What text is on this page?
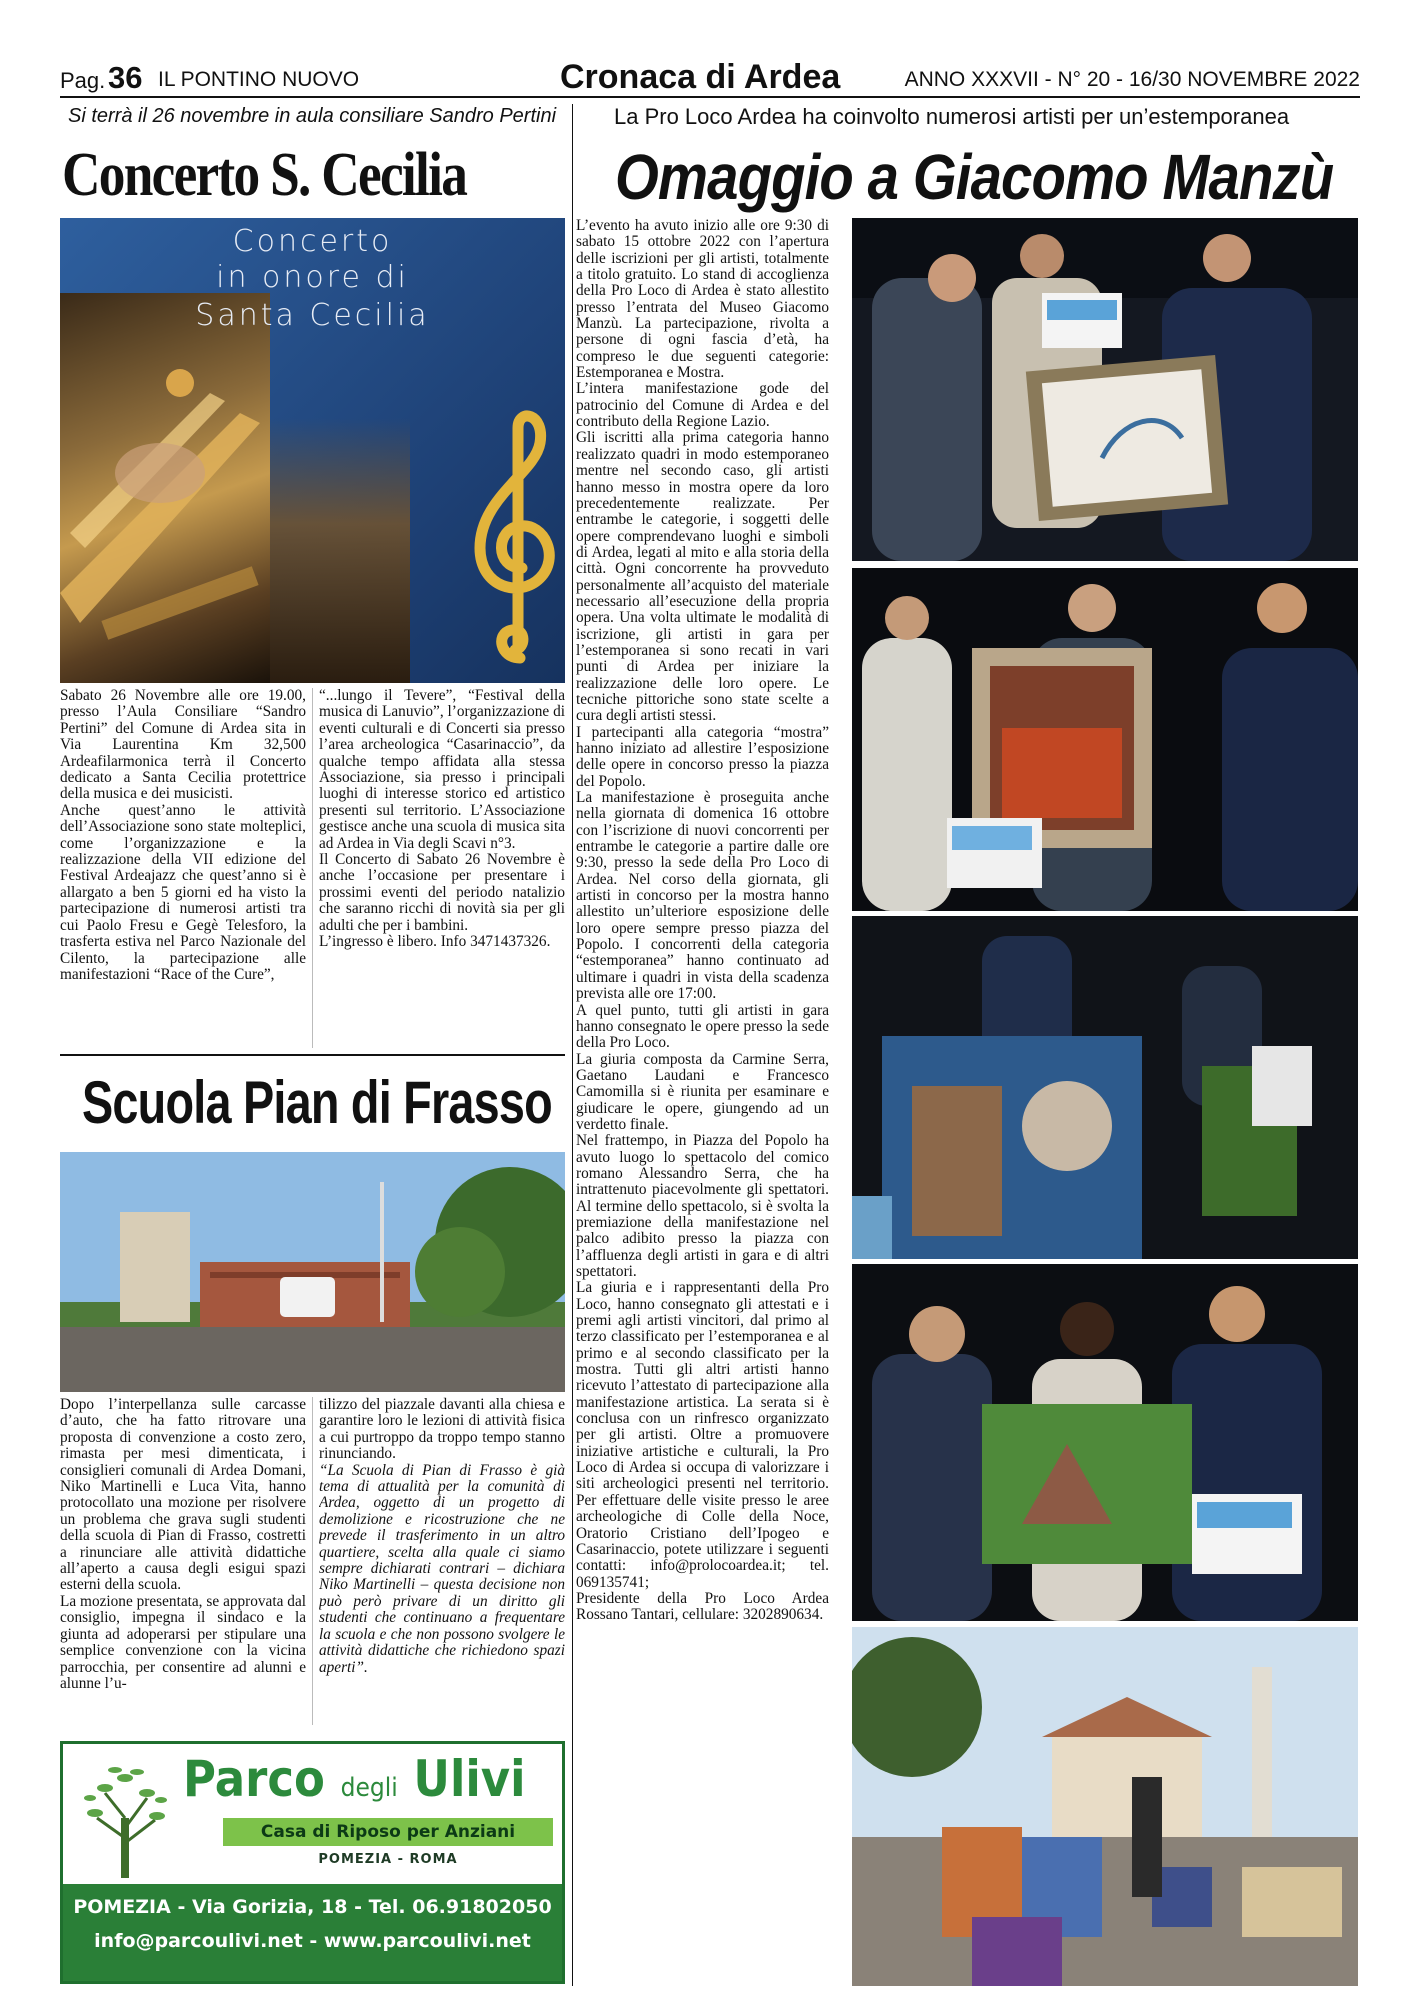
Pag. 36 IL PONTINO NUOVO	Cronaca di Ardea	ANNO XXXVII - N° 20 - 16/30 NOVEMBRE 2022
Si terrà il 26 novembre in aula consiliare Sandro Pertini
Concerto S. Cecilia
Concerto
in onore di
Santa Cecilia

Sabato 26 Novembre alle ore 19.00, presso l’Aula Consiliare “Sandro Pertini” del Comune di Ardea sita in Via Laurentina Km 32,500 Ardeafilarmonica terrà il Concerto dedicato a Santa Cecilia protettrice della musica e dei musicisti.

Anche quest’anno le attività dell’Associazione sono state molteplici, come l’organizzazione e la realizzazione della VII edizione del Festival Ardeajazz che quest’anno si è allargato a ben 5 giorni ed ha visto la partecipazione di numerosi artisti tra cui Paolo Fresu e Gegè Telesforo, la trasferta estiva nel Parco Nazionale del Cilento, la partecipazione alle manifestazioni “Race of the Cure”,

“...lungo il Tevere”, “Festival della musica di Lanuvio”, l’organizzazione di eventi culturali e di Concerti sia presso l’area archeologica “Casarinaccio”, da qualche tempo affidata alla stessa Associazione, sia presso i principali luoghi di interesse storico ed artistico presenti sul territorio. L’Associazione gestisce anche una scuola di musica sita ad Ardea in Via degli Scavi n°3.

Il Concerto di Sabato 26 Novembre è anche l’occasione per presentare i prossimi eventi del periodo natalizio che saranno ricchi di novità sia per gli adulti che per i bambini.

L’ingresso è libero. Info 3471437326.

Scuola Pian di Frasso

Dopo l’interpellanza sulle carcasse d’auto, che ha fatto ritrovare una proposta di convenzione a costo zero, rimasta per mesi dimenticata, i consiglieri comunali di Ardea Domani, Niko Martinelli e Luca Vita, hanno protocollato una mozione per risolvere un problema che grava sugli studenti della scuola di Pian di Frasso, costretti a rinunciare alle attività didattiche all’aperto a causa degli esigui spazi esterni della scuola.

La mozione presentata, se approvata dal consiglio, impegna il sindaco e la giunta ad adoperarsi per stipulare una semplice convenzione con la vicina parrocchia, per consentire ad alunni e alunne l’u-

tilizzo del piazzale davanti alla chiesa e garantire loro le lezioni di attività fisica a cui purtroppo da troppo tempo stanno rinunciando.

“La Scuola di Pian di Frasso è già tema di attualità per la comunità di Ardea, oggetto di un progetto di demolizione e ricostruzione che ne prevede il trasferimento in un altro quartiere, scelta alla quale ci siamo sempre dichiarati contrari – dichiara Niko Martinelli – questa decisione non può però privare di un diritto gli studenti che continuano a frequentare la scuola e che non possono svolgere le attività didattiche che richiedono spazi aperti”.

Parco degli Ulivi
Casa di Riposo per Anziani
POMEZIA - ROMA
POMEZIA - Via Gorizia, 18 - Tel. 06.91802050
info@parcoulivi.net - www.parcoulivi.net
La Pro Loco Ardea ha coinvolto numerosi artisti per un’estemporanea
Omaggio a Giacomo Manzù

L’evento ha avuto inizio alle ore 9:30 di sabato 15 ottobre 2022 con l’apertura delle iscrizioni per gli artisti, totalmente a titolo gratuito. Lo stand di accoglienza della Pro Loco di Ardea è stato allestito presso l’entrata del Museo Giacomo Manzù. La partecipazione, rivolta a persone di ogni fascia d’età, ha compreso le due seguenti categorie: Estemporanea e Mostra.

L’intera manifestazione gode del patrocinio del Comune di Ardea e del contributo della Regione Lazio.

Gli iscritti alla prima categoria hanno realizzato quadri in modo estemporaneo mentre nel secondo caso, gli artisti hanno messo in mostra opere da loro precedentemente realizzate. Per entrambe le categorie, i soggetti delle opere comprendevano luoghi e simboli di Ardea, legati al mito e alla storia della città. Ogni concorrente ha provveduto personalmente all’acquisto del materiale necessario all’esecuzione della propria opera. Una volta ultimate le modalità di iscrizione, gli artisti in gara per l’estemporanea si sono recati in vari punti di Ardea per iniziare la realizzazione delle loro opere. Le tecniche pittoriche sono state scelte a cura degli artisti stessi.

I partecipanti alla categoria “mostra” hanno iniziato ad allestire l’esposizione delle opere in concorso presso la piazza del Popolo.

La manifestazione è proseguita anche nella giornata di domenica 16 ottobre con l’iscrizione di nuovi concorrenti per entrambe le categorie a partire dalle ore 9:30, presso la sede della Pro Loco di Ardea. Nel corso della giornata, gli artisti in concorso per la mostra hanno allestito un’ulteriore esposizione delle loro opere sempre presso piazza del Popolo. I concorrenti della categoria “estemporanea” hanno continuato ad ultimare i quadri in vista della scadenza prevista alle ore 17:00.

A quel punto, tutti gli artisti in gara hanno consegnato le opere presso la sede della Pro Loco.

La giuria composta da Carmine Serra, Gaetano Laudani e Francesco Camomilla si è riunita per esaminare e giudicare le opere, giungendo ad un verdetto finale.

Nel frattempo, in Piazza del Popolo ha avuto luogo lo spettacolo del comico romano Alessandro Serra, che ha intrattenuto piacevolmente gli spettatori. Al termine dello spettacolo, si è svolta la premiazione della manifestazione nel palco adibito presso la piazza con l’affluenza degli artisti in gara e di altri spettatori.

La giuria e i rappresentanti della Pro Loco, hanno consegnato gli attestati e i premi agli artisti vincitori, dal primo al terzo classificato per l’estemporanea e al primo e al secondo classificato per la mostra. Tutti gli altri artisti hanno ricevuto l’attestato di partecipazione alla manifestazione artistica. La serata si è conclusa con un rinfresco organizzato per gli artisti. Oltre a promuovere iniziative artistiche e culturali, la Pro Loco di Ardea si occupa di valorizzare i siti archeologici presenti nel territorio. Per effettuare delle visite presso le aree archeologiche di Colle della Noce, Oratorio Cristiano dell’Ipogeo e Casarinaccio, potete utilizzare i seguenti contatti: info@prolocoardea.it; tel. 069135741;

Presidente della Pro Loco Ardea Rossano Tantari, cellulare: 3202890634.
